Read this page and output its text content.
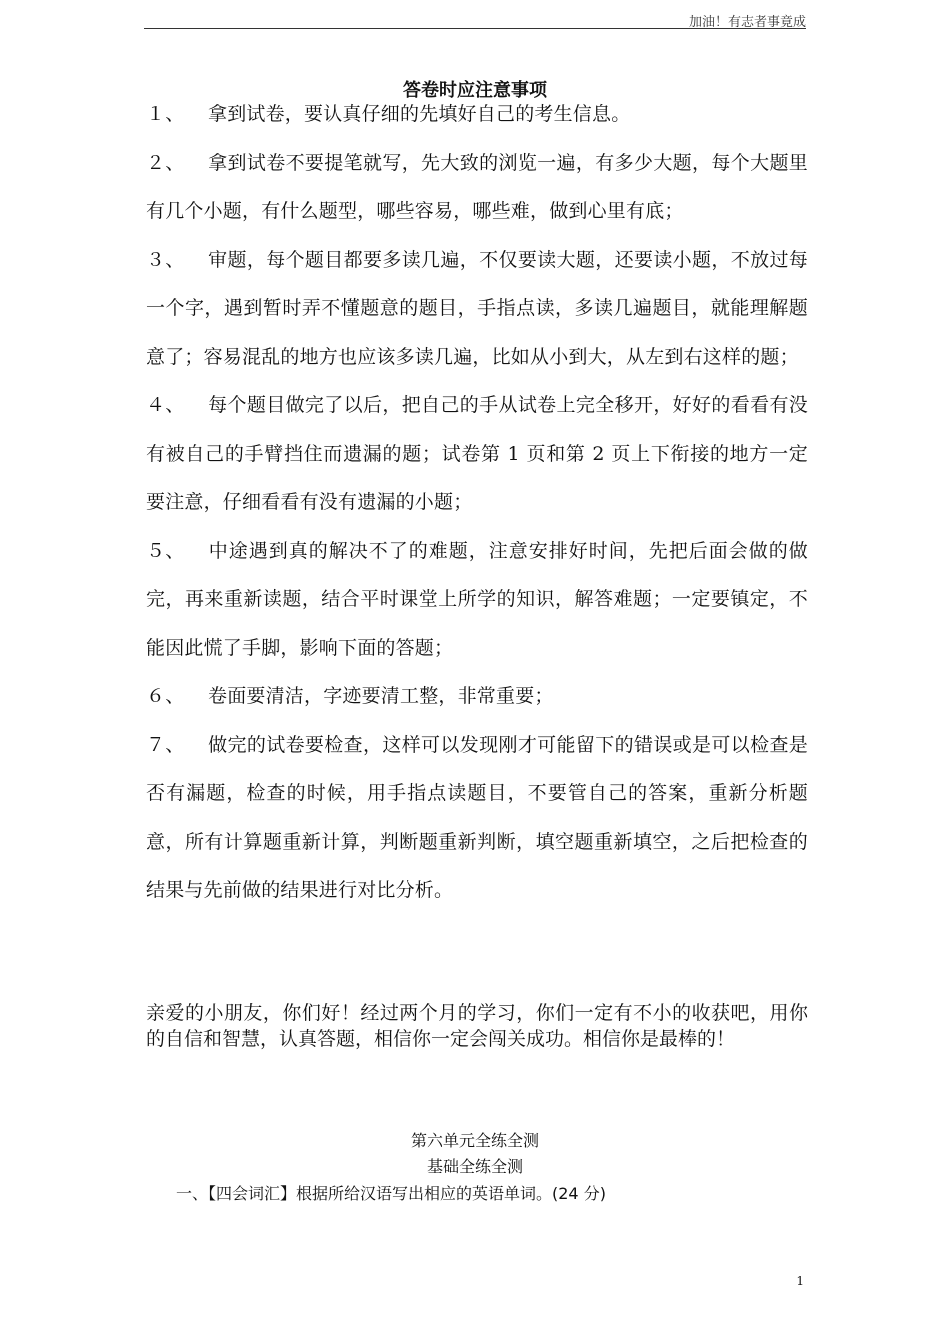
加油！有志者事竟成
答卷时应注意事项

１、 拿到试卷，要认真仔细的先填好自己的考生信息。

２、 拿到试卷不要提笔就写，先大致的浏览一遍，有多少大题，每个大题里有几个小题，有什么题型，哪些容易，哪些难，做到心里有底；

３、 审题，每个题目都要多读几遍，不仅要读大题，还要读小题，不放过每一个字，遇到暂时弄不懂题意的题目，手指点读，多读几遍题目，就能理解题意了；容易混乱的地方也应该多读几遍，比如从小到大，从左到右这样的题；

４、 每个题目做完了以后，把自己的手从试卷上完全移开，好好的看看有没有被自己的手臂挡住而遗漏的题；试卷第 1 页和第 2 页上下衔接的地方一定要注意，仔细看看有没有遗漏的小题；

５、 中途遇到真的解决不了的难题，注意安排好时间，先把后面会做的做完，再来重新读题，结合平时课堂上所学的知识，解答难题；一定要镇定，不能因此慌了手脚，影响下面的答题；

６、 卷面要清洁，字迹要清工整，非常重要；

７、 做完的试卷要检查，这样可以发现刚才可能留下的错误或是可以检查是否有漏题，检查的时候，用手指点读题目，不要管自己的答案，重新分析题意，所有计算题重新计算，判断题重新判断，填空题重新填空，之后把检查的结果与先前做的结果进行对比分析。

亲爱的小朋友，你们好！经过两个月的学习，你们一定有不小的收获吧，用你的自信和智慧，认真答题，相信你一定会闯关成功。相信你是最棒的！

第六单元全练全测
基础全练全测
一、【四会词汇】根据所给汉语写出相应的英语单词。(24 分)
1
